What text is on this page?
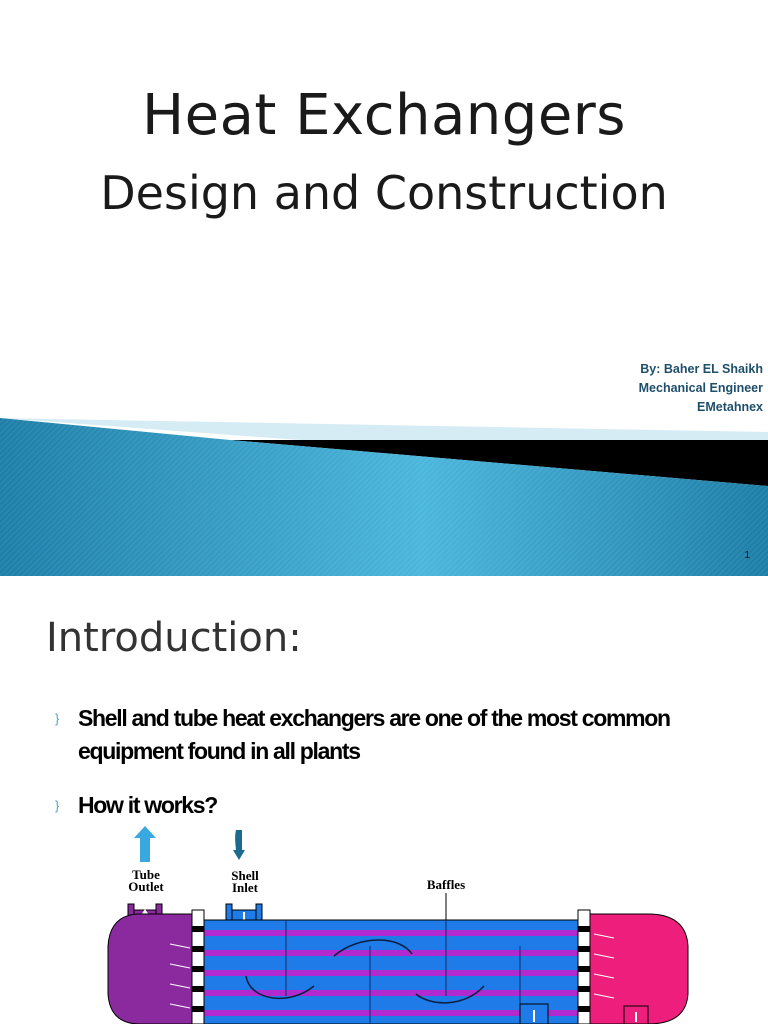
Heat Exchangers
Design and Construction
By: Baher EL Shaikh
Mechanical Engineer
EMetahnex
1
Introduction:
} Shell and tube heat exchangers are one of the most common equipment found in all plants
} How it works?
Tube
Outlet
Shell
Inlet	Baffles
